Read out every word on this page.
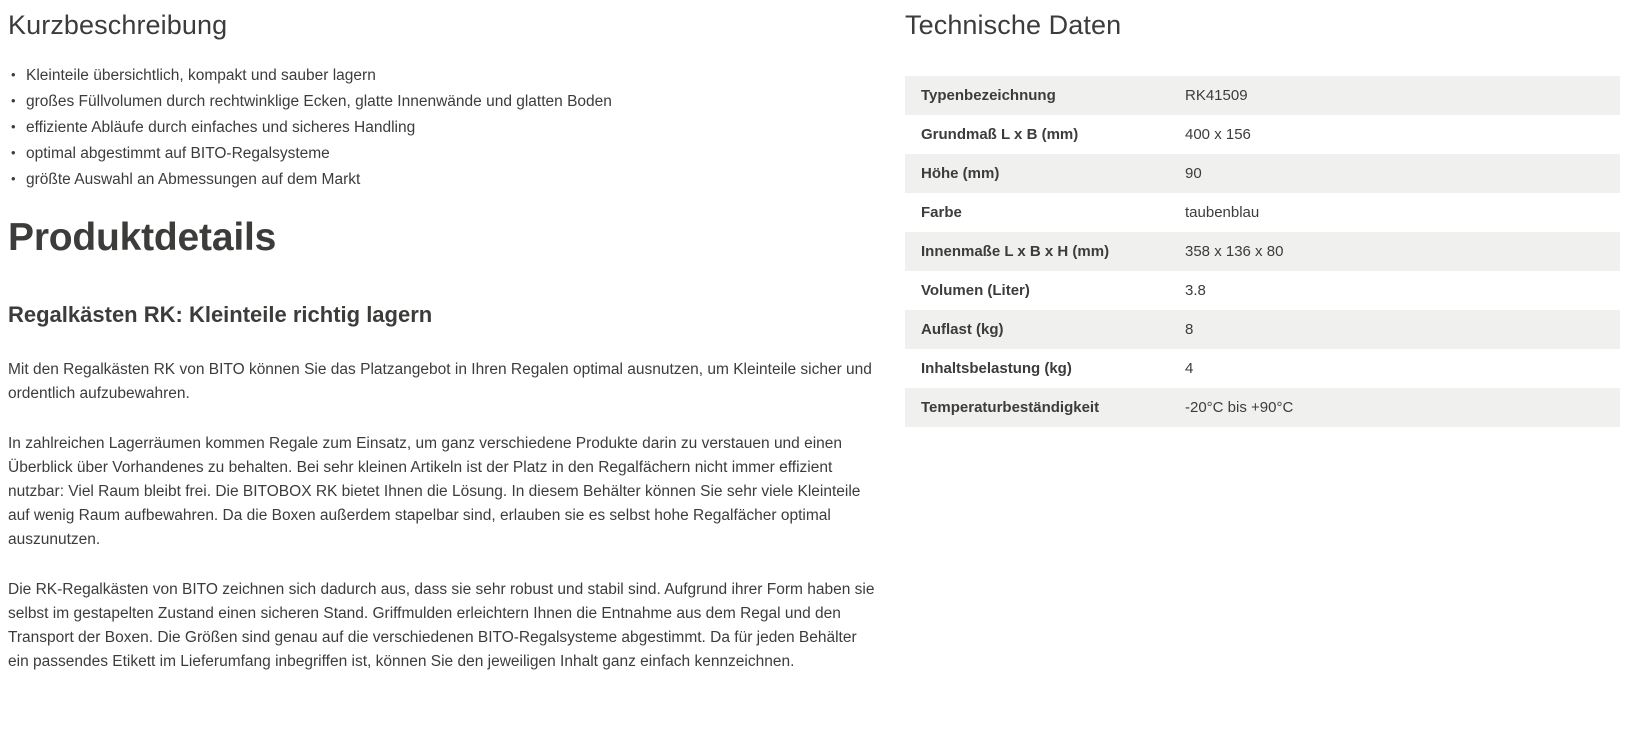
Kurzbeschreibung
• Kleinteile übersichtlich, kompakt und sauber lagern
• großes Füllvolumen durch rechtwinklige Ecken, glatte Innenwände und glatten Boden
• effiziente Abläufe durch einfaches und sicheres Handling
• optimal abgestimmt auf BITO-Regalsysteme
• größte Auswahl an Abmessungen auf dem Markt
Produktdetails
Regalkästen RK: Kleinteile richtig lagern

Mit den Regalkästen RK von BITO können Sie das Platzangebot in Ihren Regalen optimal ausnutzen, um Kleinteile sicher und ordentlich aufzubewahren.

In zahlreichen Lagerräumen kommen Regale zum Einsatz, um ganz verschiedene Produkte darin zu verstauen und einen Überblick über Vorhandenes zu behalten. Bei sehr kleinen Artikeln ist der Platz in den Regalfächern nicht immer effizient nutzbar: Viel Raum bleibt frei. Die BITOBOX RK bietet Ihnen die Lösung. In diesem Behälter können Sie sehr viele Kleinteile auf wenig Raum aufbewahren. Da die Boxen außerdem stapelbar sind, erlauben sie es selbst hohe Regalfächer optimal auszunutzen.

Die RK-Regalkästen von BITO zeichnen sich dadurch aus, dass sie sehr robust und stabil sind. Aufgrund ihrer Form haben sie selbst im gestapelten Zustand einen sicheren Stand. Griffmulden erleichtern Ihnen die Entnahme aus dem Regal und den Transport der Boxen. Die Größen sind genau auf die verschiedenen BITO-Regalsysteme abgestimmt. Da für jeden Behälter ein passendes Etikett im Lieferumfang inbegriffen ist, können Sie den jeweiligen Inhalt ganz einfach kennzeichnen.

Technische Daten
Typenbezeichnung	RK41509
Grundmaß L x B (mm)	400 x 156
Höhe (mm)	90
Farbe	taubenblau
Innenmaße L x B x H (mm)	358 x 136 x 80
Volumen (Liter)	3.8
Auflast (kg)	8
Inhaltsbelastung (kg)	4
Temperaturbeständigkeit	-20°C bis +90°C
